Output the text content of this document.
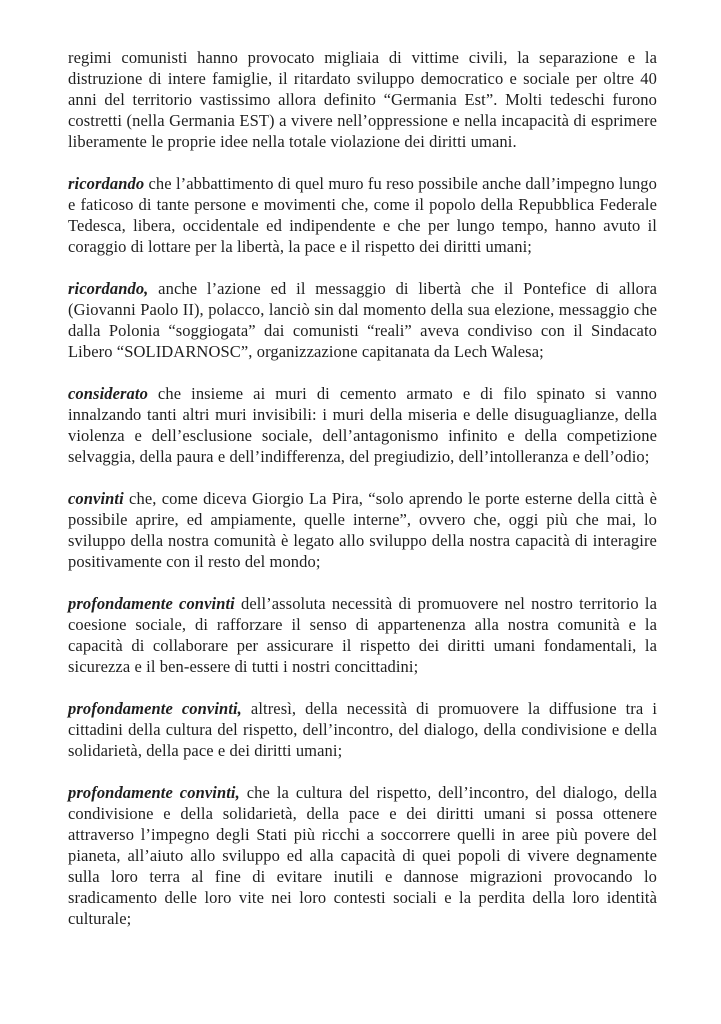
regimi comunisti hanno provocato migliaia di vittime civili, la separazione e la distruzione di intere famiglie, il ritardato sviluppo democratico e sociale per oltre 40 anni del territorio vastissimo allora definito “Germania Est”. Molti tedeschi furono costretti (nella Germania EST) a vivere nell’oppressione e nella incapacità di esprimere liberamente le proprie idee nella totale violazione dei diritti umani.

ricordando che l’abbattimento di quel muro fu reso possibile anche dall’impegno lungo e faticoso di tante persone e movimenti che, come il popolo della Repubblica Federale Tedesca, libera, occidentale ed indipendente e che per lungo tempo, hanno avuto il coraggio di lottare per la libertà, la pace e il rispetto dei diritti umani;

ricordando, anche l’azione ed il messaggio di libertà che il Pontefice di allora (Giovanni Paolo II), polacco, lanciò sin dal momento della sua elezione, messaggio che dalla Polonia “soggiogata” dai comunisti “reali” aveva condiviso con il Sindacato Libero “SOLIDARNOSC”, organizzazione capitanata da Lech Walesa;

considerato che insieme ai muri di cemento armato e di filo spinato si vanno innalzando tanti altri muri invisibili: i muri della miseria e delle disuguaglianze, della violenza e dell’esclusione sociale, dell’antagonismo infinito e della competizione selvaggia, della paura e dell’indifferenza, del pregiudizio, dell’intolleranza e dell’odio;

convinti che, come diceva Giorgio La Pira, “solo aprendo le porte esterne della città è possibile aprire, ed ampiamente, quelle interne”, ovvero che, oggi più che mai, lo sviluppo della nostra comunità è legato allo sviluppo della nostra capacità di interagire positivamente con il resto del mondo;

profondamente convinti dell’assoluta necessità di promuovere nel nostro territorio la coesione sociale, di rafforzare il senso di appartenenza alla nostra comunità e la capacità di collaborare per assicurare il rispetto dei diritti umani fondamentali, la sicurezza e il ben-essere di tutti i nostri concittadini;

profondamente convinti, altresì, della necessità di promuovere la diffusione tra i cittadini della cultura del rispetto, dell’incontro, del dialogo, della condivisione e della solidarietà, della pace e dei diritti umani;

profondamente convinti, che la cultura del rispetto, dell’incontro, del dialogo, della condivisione e della solidarietà, della pace e dei diritti umani si possa ottenere attraverso l’impegno degli Stati più ricchi a soccorrere quelli in aree più povere del pianeta, all’aiuto allo sviluppo ed alla capacità di quei popoli di vivere degnamente sulla loro terra al fine di evitare inutili e dannose migrazioni provocando lo sradicamento delle loro vite nei loro contesti sociali e la perdita della loro identità culturale;
